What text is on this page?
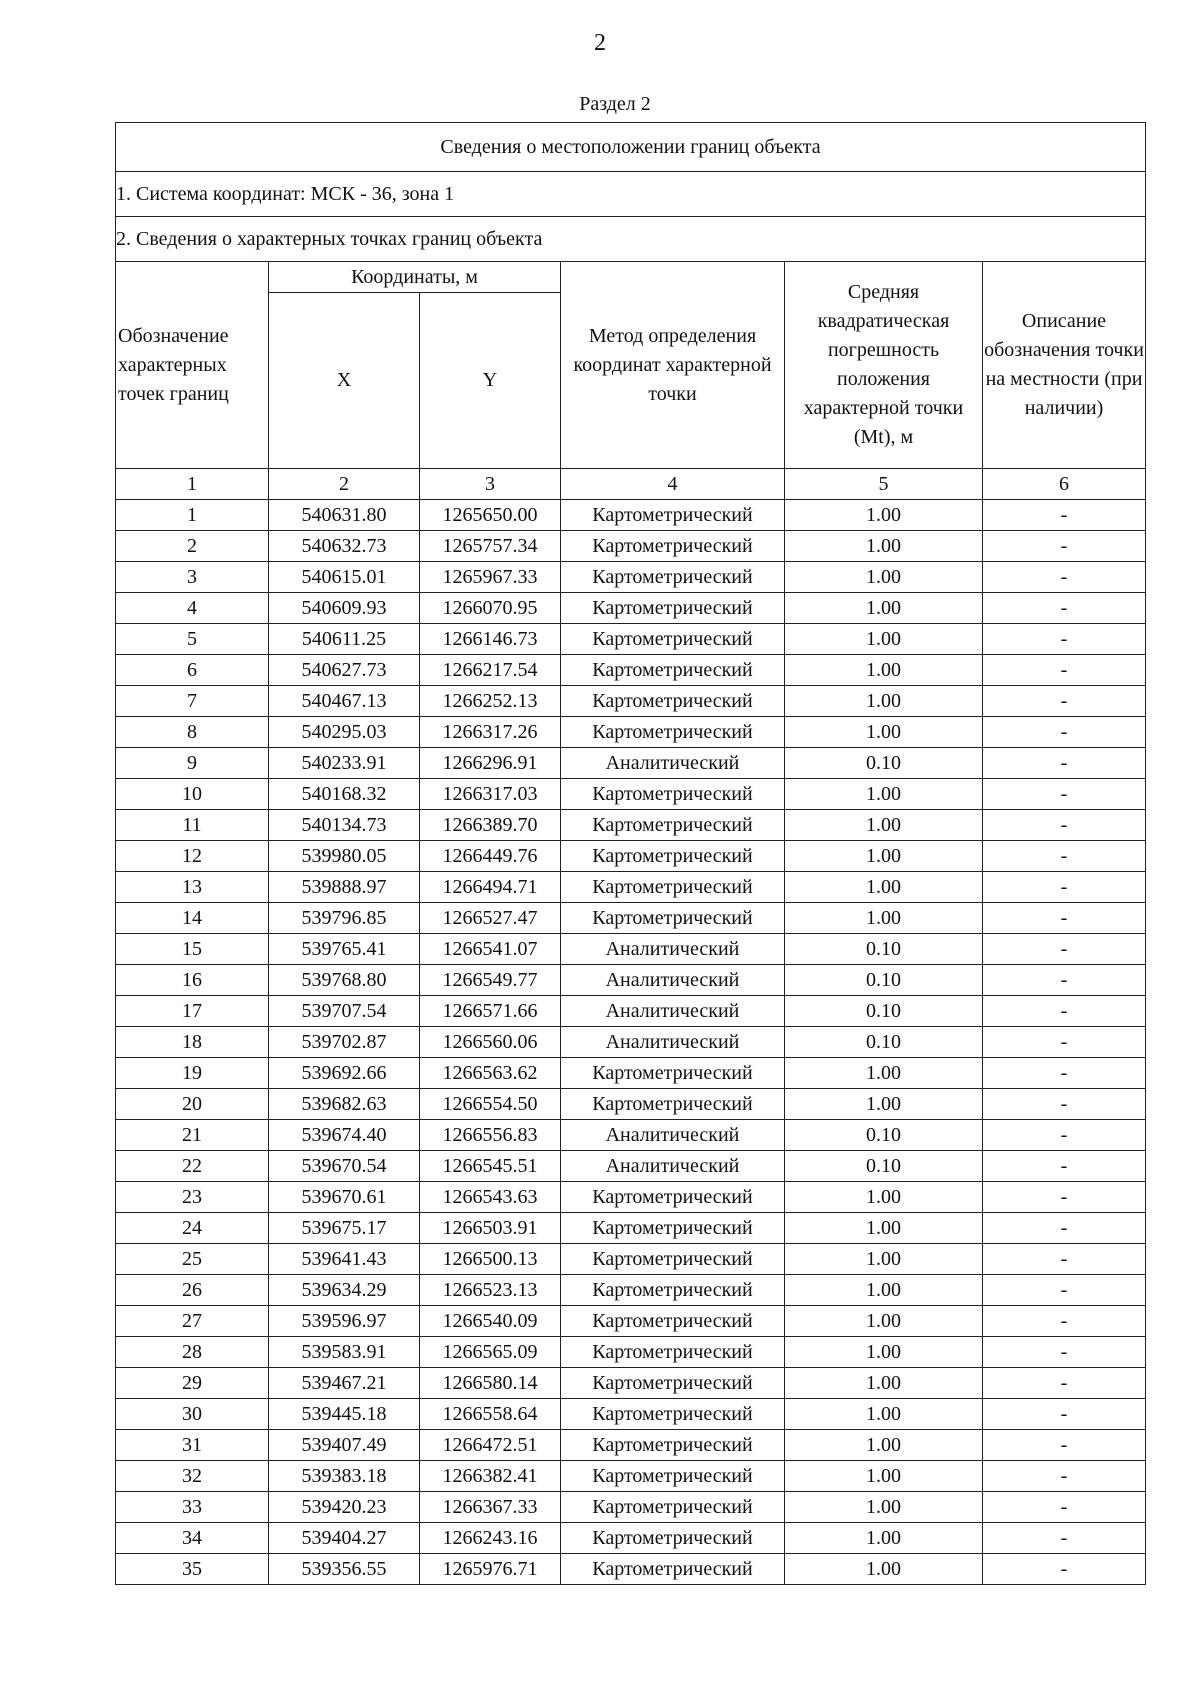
2
Раздел 2
Сведения о местоположении границ объекта					
1. Система координат: МСК - 36, зона 1					
2. Сведения о характерных точках границ объекта					
Обозначение характерных точек границ	Координаты, м		Метод определения координат характерной точки	Средняя квадратическая погрешность положения характерной точки (Mt), м	Описание обозначения точки на местности (при наличии)
	X	Y			
1	2	3	4	5	6
1	540631.80	1265650.00	Картометрический	1.00	-
2	540632.73	1265757.34	Картометрический	1.00	-
3	540615.01	1265967.33	Картометрический	1.00	-
4	540609.93	1266070.95	Картометрический	1.00	-
5	540611.25	1266146.73	Картометрический	1.00	-
6	540627.73	1266217.54	Картометрический	1.00	-
7	540467.13	1266252.13	Картометрический	1.00	-
8	540295.03	1266317.26	Картометрический	1.00	-
9	540233.91	1266296.91	Аналитический	0.10	-
10	540168.32	1266317.03	Картометрический	1.00	-
11	540134.73	1266389.70	Картометрический	1.00	-
12	539980.05	1266449.76	Картометрический	1.00	-
13	539888.97	1266494.71	Картометрический	1.00	-
14	539796.85	1266527.47	Картометрический	1.00	-
15	539765.41	1266541.07	Аналитический	0.10	-
16	539768.80	1266549.77	Аналитический	0.10	-
17	539707.54	1266571.66	Аналитический	0.10	-
18	539702.87	1266560.06	Аналитический	0.10	-
19	539692.66	1266563.62	Картометрический	1.00	-
20	539682.63	1266554.50	Картометрический	1.00	-
21	539674.40	1266556.83	Аналитический	0.10	-
22	539670.54	1266545.51	Аналитический	0.10	-
23	539670.61	1266543.63	Картометрический	1.00	-
24	539675.17	1266503.91	Картометрический	1.00	-
25	539641.43	1266500.13	Картометрический	1.00	-
26	539634.29	1266523.13	Картометрический	1.00	-
27	539596.97	1266540.09	Картометрический	1.00	-
28	539583.91	1266565.09	Картометрический	1.00	-
29	539467.21	1266580.14	Картометрический	1.00	-
30	539445.18	1266558.64	Картометрический	1.00	-
31	539407.49	1266472.51	Картометрический	1.00	-
32	539383.18	1266382.41	Картометрический	1.00	-
33	539420.23	1266367.33	Картометрический	1.00	-
34	539404.27	1266243.16	Картометрический	1.00	-
35	539356.55	1265976.71	Картометрический	1.00	-
